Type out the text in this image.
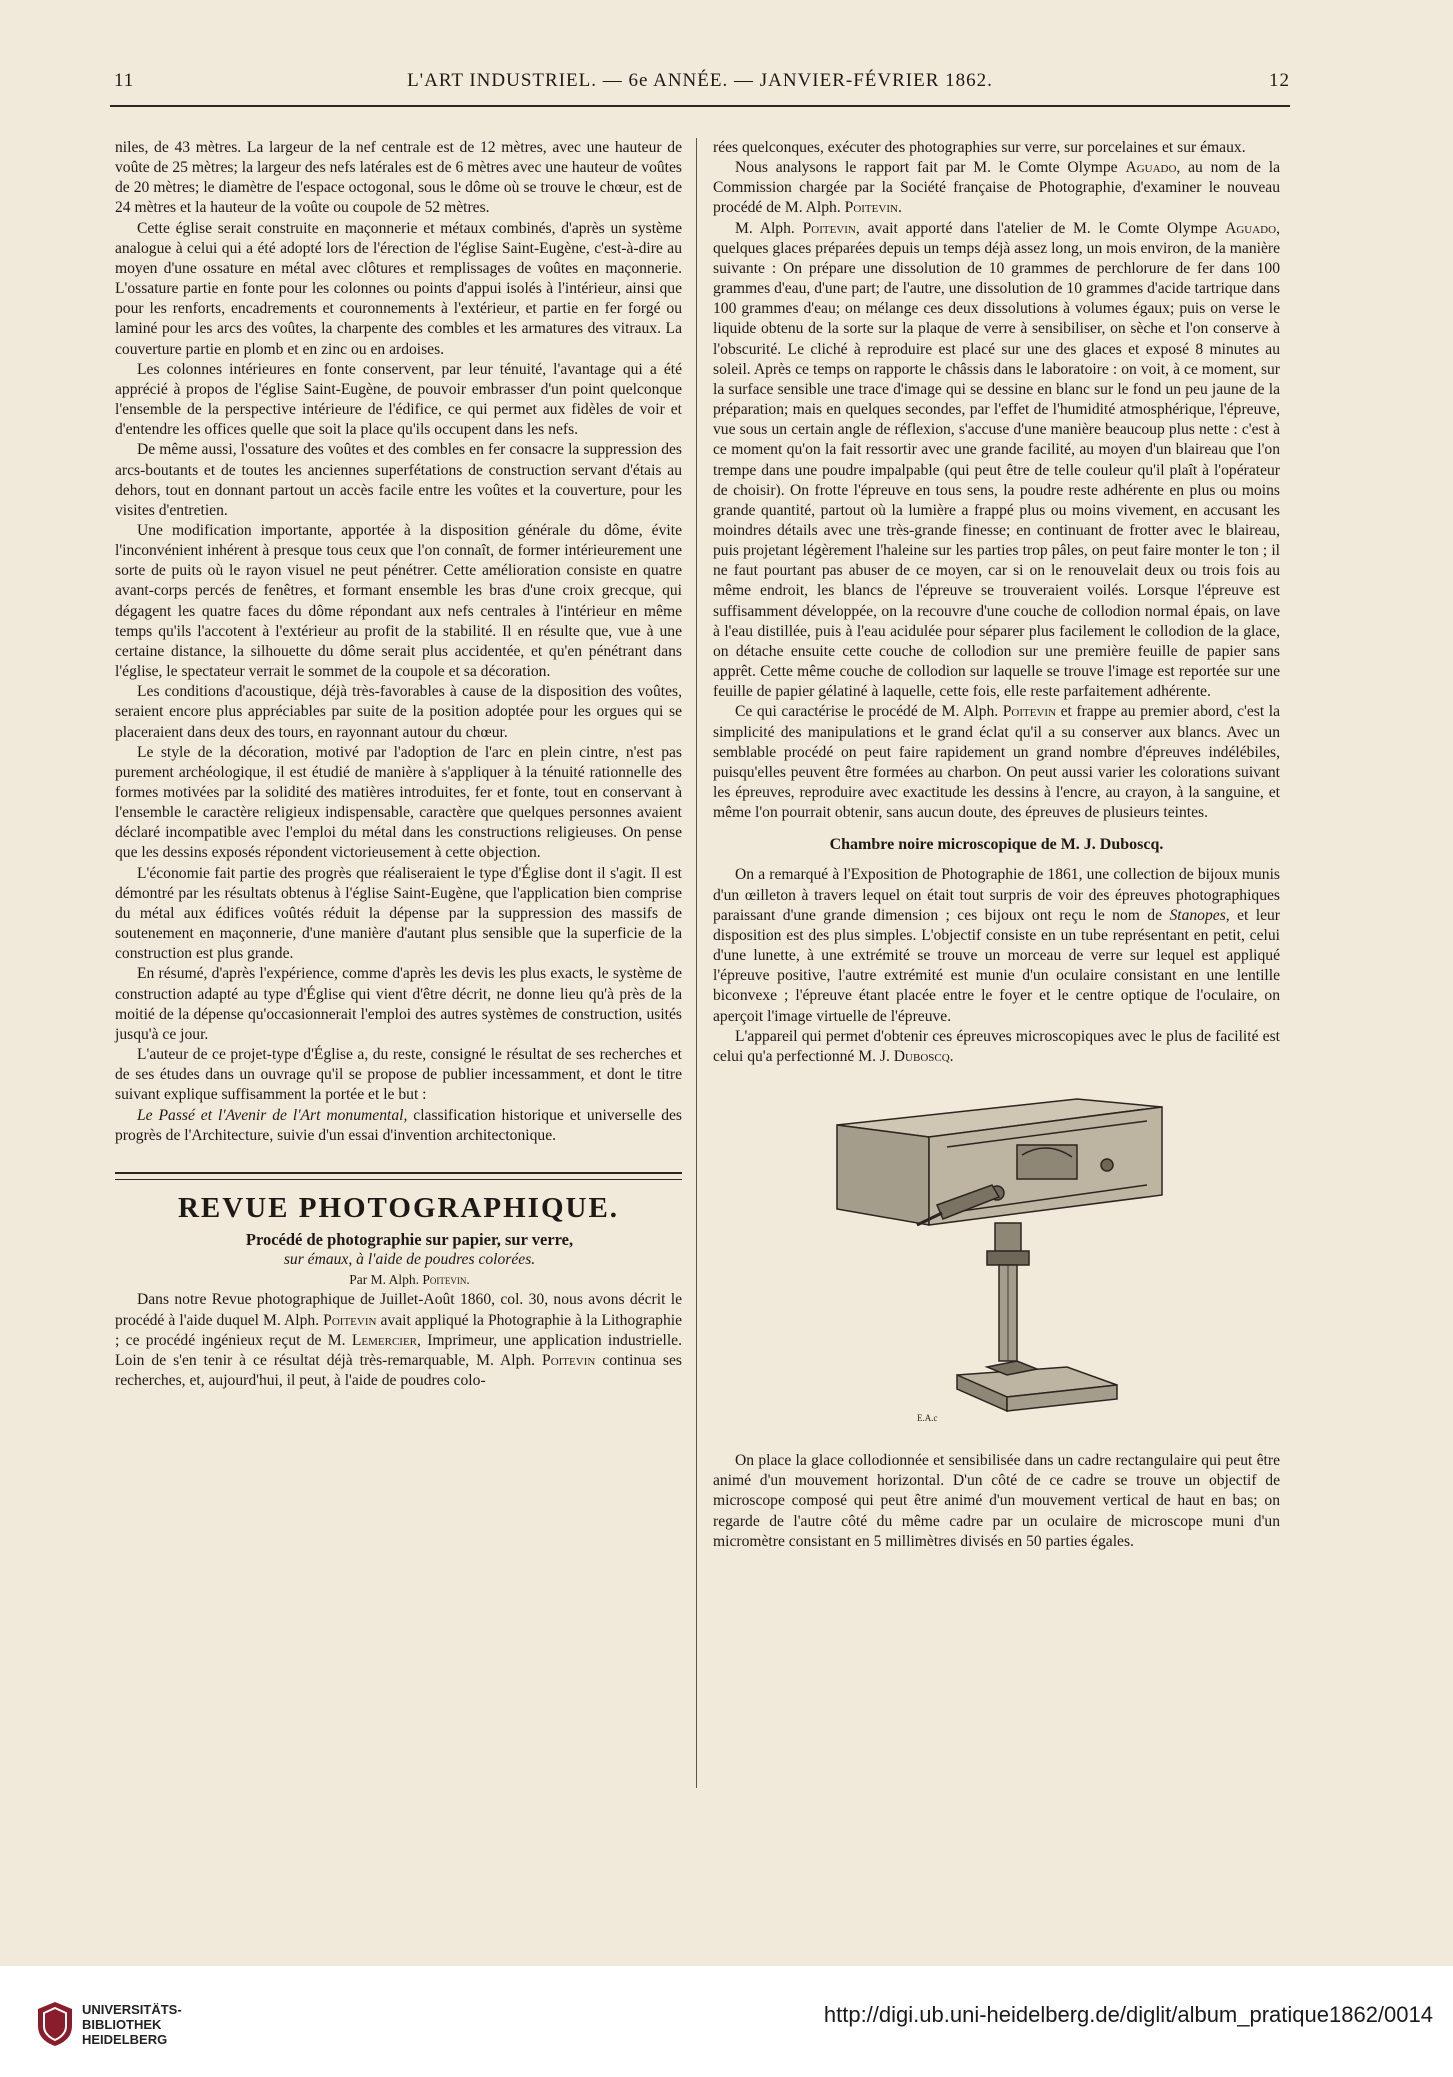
11	L'ART INDUSTRIEL. — 6e ANNÉE. — JANVIER-FÉVRIER 1862.	12

niles, de 43 mètres. La largeur de la nef centrale est de 12 mètres, avec une hauteur de voûte de 25 mètres; la largeur des nefs latérales est de 6 mètres avec une hauteur de voûtes de 20 mètres; le diamètre de l'espace octogonal, sous le dôme où se trouve le chœur, est de 24 mètres et la hauteur de la voûte ou coupole de 52 mètres.

Cette église serait construite en maçonnerie et métaux combinés, d'après un système analogue à celui qui a été adopté lors de l'érection de l'église Saint-Eugène, c'est-à-dire au moyen d'une ossature en métal avec clôtures et remplissages de voûtes en maçonnerie. L'ossature partie en fonte pour les colonnes ou points d'appui isolés à l'intérieur, ainsi que pour les renforts, encadrements et couronnements à l'extérieur, et partie en fer forgé ou laminé pour les arcs des voûtes, la charpente des combles et les armatures des vitraux. La couverture partie en plomb et en zinc ou en ardoises.

Les colonnes intérieures en fonte conservent, par leur ténuité, l'avantage qui a été apprécié à propos de l'église Saint-Eugène, de pouvoir embrasser d'un point quelconque l'ensemble de la perspective intérieure de l'édifice, ce qui permet aux fidèles de voir et d'entendre les offices quelle que soit la place qu'ils occupent dans les nefs.

De même aussi, l'ossature des voûtes et des combles en fer consacre la suppression des arcs-boutants et de toutes les anciennes superfétations de construction servant d'étais au dehors, tout en donnant partout un accès facile entre les voûtes et la couverture, pour les visites d'entretien.

Une modification importante, apportée à la disposition générale du dôme, évite l'inconvénient inhérent à presque tous ceux que l'on connaît, de former intérieurement une sorte de puits où le rayon visuel ne peut pénétrer. Cette amélioration consiste en quatre avant-corps percés de fenêtres, et formant ensemble les bras d'une croix grecque, qui dégagent les quatre faces du dôme répondant aux nefs centrales à l'intérieur en même temps qu'ils l'accotent à l'extérieur au profit de la stabilité. Il en résulte que, vue à une certaine distance, la silhouette du dôme serait plus accidentée, et qu'en pénétrant dans l'église, le spectateur verrait le sommet de la coupole et sa décoration.

Les conditions d'acoustique, déjà très-favorables à cause de la disposition des voûtes, seraient encore plus appréciables par suite de la position adoptée pour les orgues qui se placeraient dans deux des tours, en rayonnant autour du chœur.

Le style de la décoration, motivé par l'adoption de l'arc en plein cintre, n'est pas purement archéologique, il est étudié de manière à s'appliquer à la ténuité rationnelle des formes motivées par la solidité des matières introduites, fer et fonte, tout en conservant à l'ensemble le caractère religieux indispensable, caractère que quelques personnes avaient déclaré incompatible avec l'emploi du métal dans les constructions religieuses. On pense que les dessins exposés répondent victorieusement à cette objection.

L'économie fait partie des progrès que réaliseraient le type d'Église dont il s'agit. Il est démontré par les résultats obtenus à l'église Saint-Eugène, que l'application bien comprise du métal aux édifices voûtés réduit la dépense par la suppression des massifs de soutenement en maçonnerie, d'une manière d'autant plus sensible que la superficie de la construction est plus grande.

En résumé, d'après l'expérience, comme d'après les devis les plus exacts, le système de construction adapté au type d'Église qui vient d'être décrit, ne donne lieu qu'à près de la moitié de la dépense qu'occasionnerait l'emploi des autres systèmes de construction, usités jusqu'à ce jour.

L'auteur de ce projet-type d'Église a, du reste, consigné le résultat de ses recherches et de ses études dans un ouvrage qu'il se propose de publier incessamment, et dont le titre suivant explique suffisamment la portée et le but :

Le Passé et l'Avenir de l'Art monumental, classification historique et universelle des progrès de l'Architecture, suivie d'un essai d'invention architectonique.

REVUE PHOTOGRAPHIQUE.

Procédé de photographie sur papier, sur verre,

sur émaux, à l'aide de poudres colorées.

Par M. Alph. Poitevin.

Dans notre Revue photographique de Juillet-Août 1860, col. 30, nous avons décrit le procédé à l'aide duquel M. Alph. Poitevin avait appliqué la Photographie à la Lithographie ; ce procédé ingénieux reçut de M. Lemercier, Imprimeur, une application industrielle. Loin de s'en tenir à ce résultat déjà très-remarquable, M. Alph. Poitevin continua ses recherches, et, aujourd'hui, il peut, à l'aide de poudres colo-

rées quelconques, exécuter des photographies sur verre, sur porcelaines et sur émaux.

Nous analysons le rapport fait par M. le Comte Olympe Aguado, au nom de la Commission chargée par la Société française de Photographie, d'examiner le nouveau procédé de M. Alph. Poitevin.

M. Alph. Poitevin, avait apporté dans l'atelier de M. le Comte Olympe Aguado, quelques glaces préparées depuis un temps déjà assez long, un mois environ, de la manière suivante : On prépare une dissolution de 10 grammes de perchlorure de fer dans 100 grammes d'eau, d'une part; de l'autre, une dissolution de 10 grammes d'acide tartrique dans 100 grammes d'eau; on mélange ces deux dissolutions à volumes égaux; puis on verse le liquide obtenu de la sorte sur la plaque de verre à sensibiliser, on sèche et l'on conserve à l'obscurité. Le cliché à reproduire est placé sur une des glaces et exposé 8 minutes au soleil. Après ce temps on rapporte le châssis dans le laboratoire : on voit, à ce moment, sur la surface sensible une trace d'image qui se dessine en blanc sur le fond un peu jaune de la préparation; mais en quelques secondes, par l'effet de l'humidité atmosphérique, l'épreuve, vue sous un certain angle de réflexion, s'accuse d'une manière beaucoup plus nette : c'est à ce moment qu'on la fait ressortir avec une grande facilité, au moyen d'un blaireau que l'on trempe dans une poudre impalpable (qui peut être de telle couleur qu'il plaît à l'opérateur de choisir). On frotte l'épreuve en tous sens, la poudre reste adhérente en plus ou moins grande quantité, partout où la lumière a frappé plus ou moins vivement, en accusant les moindres détails avec une très-grande finesse; en continuant de frotter avec le blaireau, puis projetant légèrement l'haleine sur les parties trop pâles, on peut faire monter le ton ; il ne faut pourtant pas abuser de ce moyen, car si on le renouvelait deux ou trois fois au même endroit, les blancs de l'épreuve se trouveraient voilés. Lorsque l'épreuve est suffisamment développée, on la recouvre d'une couche de collodion normal épais, on lave à l'eau distillée, puis à l'eau acidulée pour séparer plus facilement le collodion de la glace, on détache ensuite cette couche de collodion sur une première feuille de papier sans apprêt. Cette même couche de collodion sur laquelle se trouve l'image est reportée sur une feuille de papier gélatiné à laquelle, cette fois, elle reste parfaitement adhérente.

Ce qui caractérise le procédé de M. Alph. Poitevin et frappe au premier abord, c'est la simplicité des manipulations et le grand éclat qu'il a su conserver aux blancs. Avec un semblable procédé on peut faire rapidement un grand nombre d'épreuves indélébiles, puisqu'elles peuvent être formées au charbon. On peut aussi varier les colorations suivant les épreuves, reproduire avec exactitude les dessins à l'encre, au crayon, à la sanguine, et même l'on pourrait obtenir, sans aucun doute, des épreuves de plusieurs teintes.

Chambre noire microscopique de M. J. Duboscq.

On a remarqué à l'Exposition de Photographie de 1861, une collection de bijoux munis d'un œilleton à travers lequel on était tout surpris de voir des épreuves photographiques paraissant d'une grande dimension ; ces bijoux ont reçu le nom de Stanopes, et leur disposition est des plus simples. L'objectif consiste en un tube représentant en petit, celui d'une lunette, à une extrémité se trouve un morceau de verre sur lequel est appliqué l'épreuve positive, l'autre extrémité est munie d'un oculaire consistant en une lentille biconvexe ; l'épreuve étant placée entre le foyer et le centre optique de l'oculaire, on aperçoit l'image virtuelle de l'épreuve.

L'appareil qui permet d'obtenir ces épreuves microscopiques avec le plus de facilité est celui qu'a perfectionné M. J. Duboscq.

E.A.c

On place la glace collodionnée et sensibilisée dans un cadre rectangulaire qui peut être animé d'un mouvement horizontal. D'un côté de ce cadre se trouve un objectif de microscope composé qui peut être animé d'un mouvement vertical de haut en bas; on regarde de l'autre côté du même cadre par un oculaire de microscope muni d'un micromètre consistant en 5 millimètres divisés en 50 parties égales.

UNIVERSITÄTS-
BIBLIOTHEK
HEIDELBERG
http://digi.ub.uni-heidelberg.de/diglit/album_pratique1862/0014
